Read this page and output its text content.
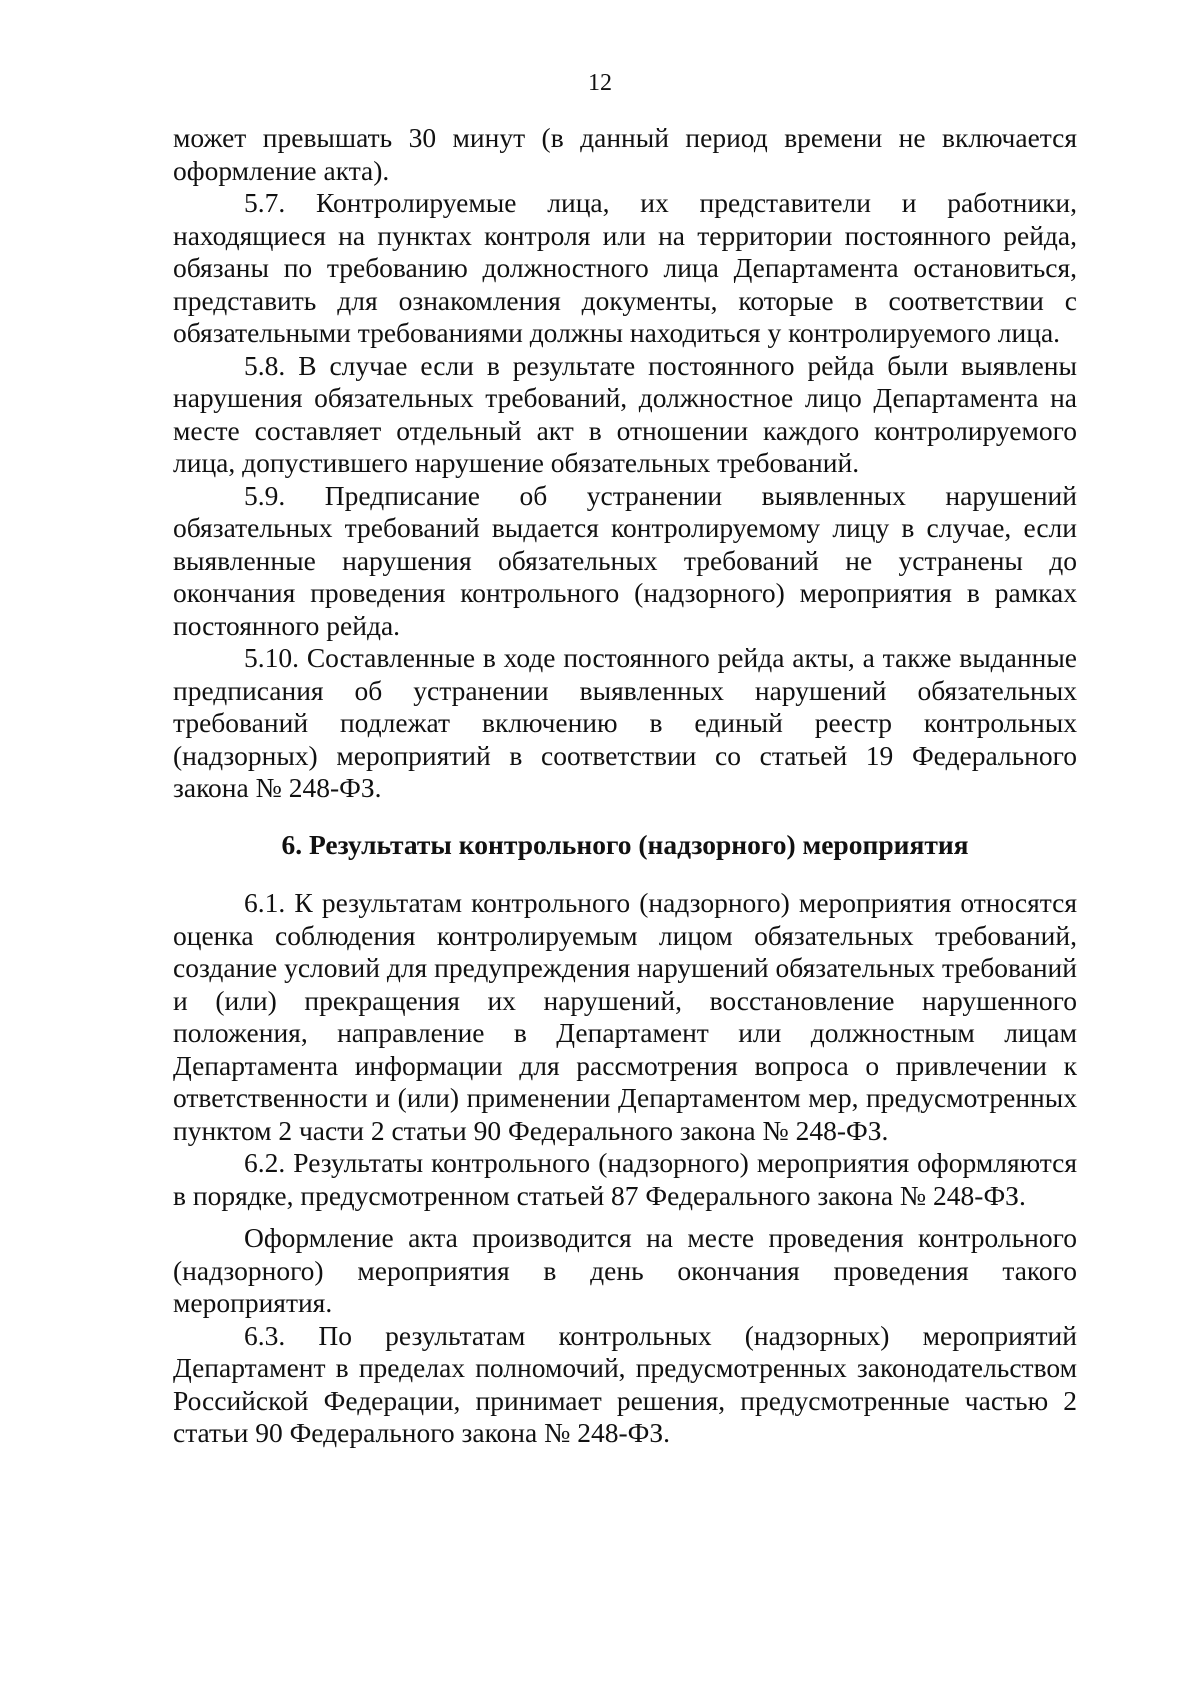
12

может превышать 30 минут (в данный период времени не включается оформление акта).

5.7. Контролируемые лица, их представители и работники, находящиеся на пунктах контроля или на территории постоянного рейда, обязаны по требованию должностного лица Департамента остановиться, представить для ознакомления документы, которые в соответствии с обязательными требованиями должны находиться у контролируемого лица.

5.8. В случае если в результате постоянного рейда были выявлены нарушения обязательных требований, должностное лицо Департамента на месте составляет отдельный акт в отношении каждого контролируемого лица, допустившего нарушение обязательных требований.

5.9. Предписание об устранении выявленных нарушений обязательных требований выдается контролируемому лицу в случае, если выявленные нарушения обязательных требований не устранены до окончания проведения контрольного (надзорного) мероприятия в рамках постоянного рейда.

5.10. Составленные в ходе постоянного рейда акты, а также выданные предписания об устранении выявленных нарушений обязательных требований подлежат включению в единый реестр контрольных (надзорных) мероприятий в соответствии со статьей 19 Федерального закона № 248-ФЗ.

6. Результаты контрольного (надзорного) мероприятия

6.1. К результатам контрольного (надзорного) мероприятия относятся оценка соблюдения контролируемым лицом обязательных требований, создание условий для предупреждения нарушений обязательных требований и (или) прекращения их нарушений, восстановление нарушенного положения, направление в Департамент или должностным лицам Департамента информации для рассмотрения вопроса о привлечении к ответственности и (или) применении Департаментом мер, предусмотренных пунктом 2 части 2 статьи 90 Федерального закона № 248-ФЗ.

6.2. Результаты контрольного (надзорного) мероприятия оформляются в порядке, предусмотренном статьей 87 Федерального закона № 248-ФЗ.

Оформление акта производится на месте проведения контрольного (надзорного) мероприятия в день окончания проведения такого мероприятия.

6.3. По результатам контрольных (надзорных) мероприятий Департамент в пределах полномочий, предусмотренных законодательством Российской Федерации, принимает решения, предусмотренные частью 2 статьи 90 Федерального закона № 248-ФЗ.
